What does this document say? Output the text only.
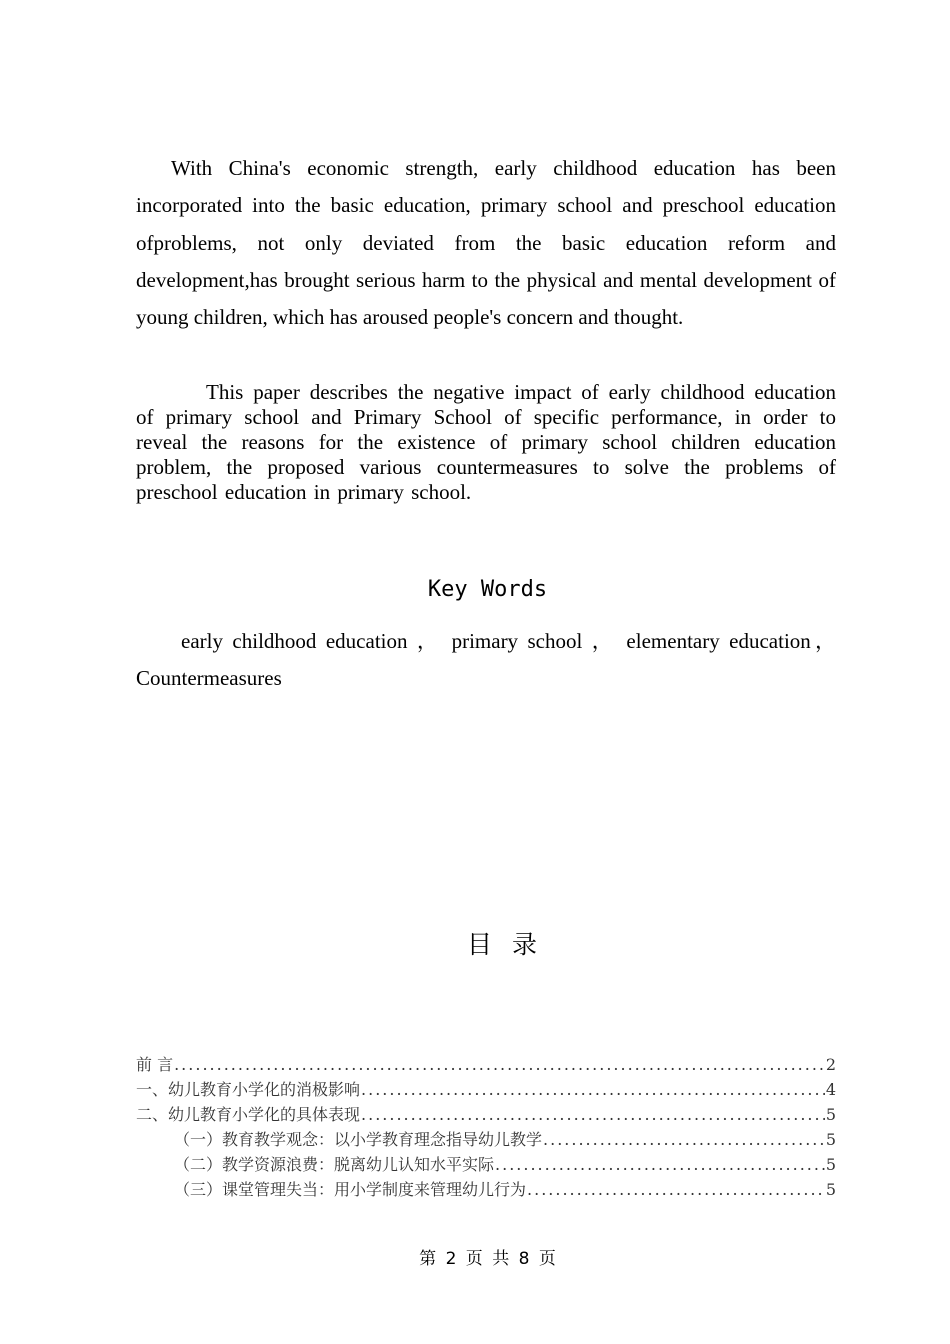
With China's economic strength, early childhood education has been incorporated into the basic education, primary school and preschool education ofproblems, not only deviated from the basic education reform and development,has brought serious harm to the physical and mental development of young children, which has aroused people's concern and thought.

This paper describes the negative impact of early childhood education of primary school and Primary School of specific performance, in order to reveal the reasons for the existence of primary school children education problem, the proposed various countermeasures to solve the problems of preschool education in primary school.

Key Words

early childhood education ， primary school ， elementary education，Countermeasures

目录
前 言 .....	2
一、幼儿教育小学化的消极影响 .....	4
二、幼儿教育小学化的具体表现 .....	5
（一）教育教学观念：以小学教育理念指导幼儿教学 .....	5
（二）教学资源浪费：脱离幼儿认知水平实际 .....	5
（三）课堂管理失当：用小学制度来管理幼儿行为 .....	5
第 2 页 共 8 页
